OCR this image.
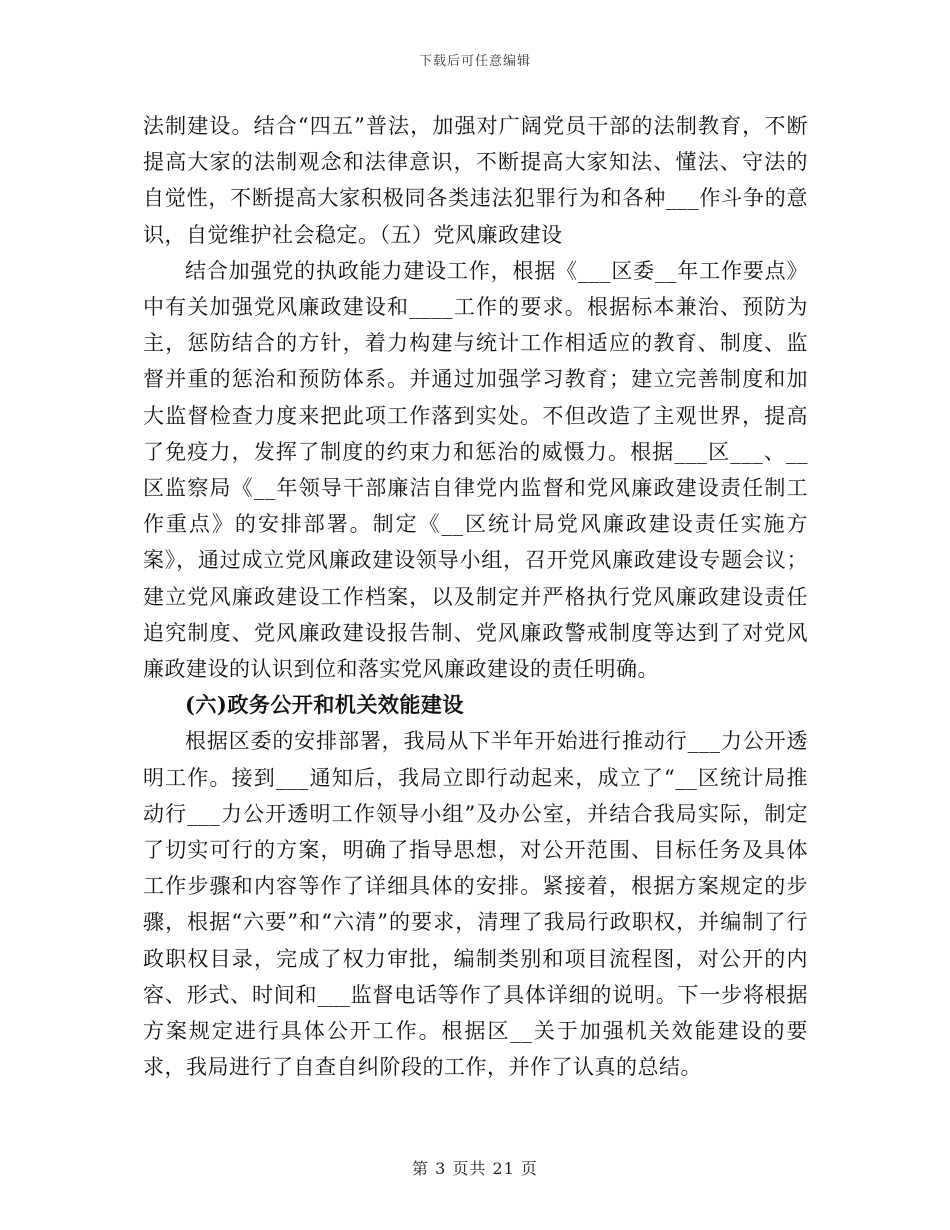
下载后可任意编辑

法制建设。结合“四五”普法，加强对广阔党员干部的法制教育，不断提高大家的法制观念和法律意识，不断提高大家知法、懂法、守法的自觉性，不断提高大家积极同各类违法犯罪行为和各种___作斗争的意识，自觉维护社会稳定。（五）党风廉政建设

结合加强党的执政能力建设工作，根据《___区委__年工作要点》中有关加强党风廉政建设和____工作的要求。根据标本兼治、预防为主，惩防结合的方针，着力构建与统计工作相适应的教育、制度、监督并重的惩治和预防体系。并通过加强学习教育；建立完善制度和加大监督检查力度来把此项工作落到实处。不但改造了主观世界，提高了免疫力，发挥了制度的约束力和惩治的威慑力。根据___区___、__区监察局《__年领导干部廉洁自律党内监督和党风廉政建设责任制工作重点》的安排部署。制定《__区统计局党风廉政建设责任实施方案》，通过成立党风廉政建设领导小组，召开党风廉政建设专题会议；建立党风廉政建设工作档案，以及制定并严格执行党风廉政建设责任追究制度、党风廉政建设报告制、党风廉政警戒制度等达到了对党风廉政建设的认识到位和落实党风廉政建设的责任明确。

(六)政务公开和机关效能建设

根据区委的安排部署，我局从下半年开始进行推动行___力公开透明工作。接到___通知后，我局立即行动起来，成立了“__区统计局推动行___力公开透明工作领导小组”及办公室，并结合我局实际，制定了切实可行的方案，明确了指导思想，对公开范围、目标任务及具体工作步骤和内容等作了详细具体的安排。紧接着，根据方案规定的步骤，根据“六要”和“六清”的要求，清理了我局行政职权，并编制了行政职权目录，完成了权力审批，编制类别和项目流程图，对公开的内容、形式、时间和___监督电话等作了具体详细的说明。下一步将根据方案规定进行具体公开工作。根据区__关于加强机关效能建设的要求，我局进行了自查自纠阶段的工作，并作了认真的总结。

第 3 页共 21 页
